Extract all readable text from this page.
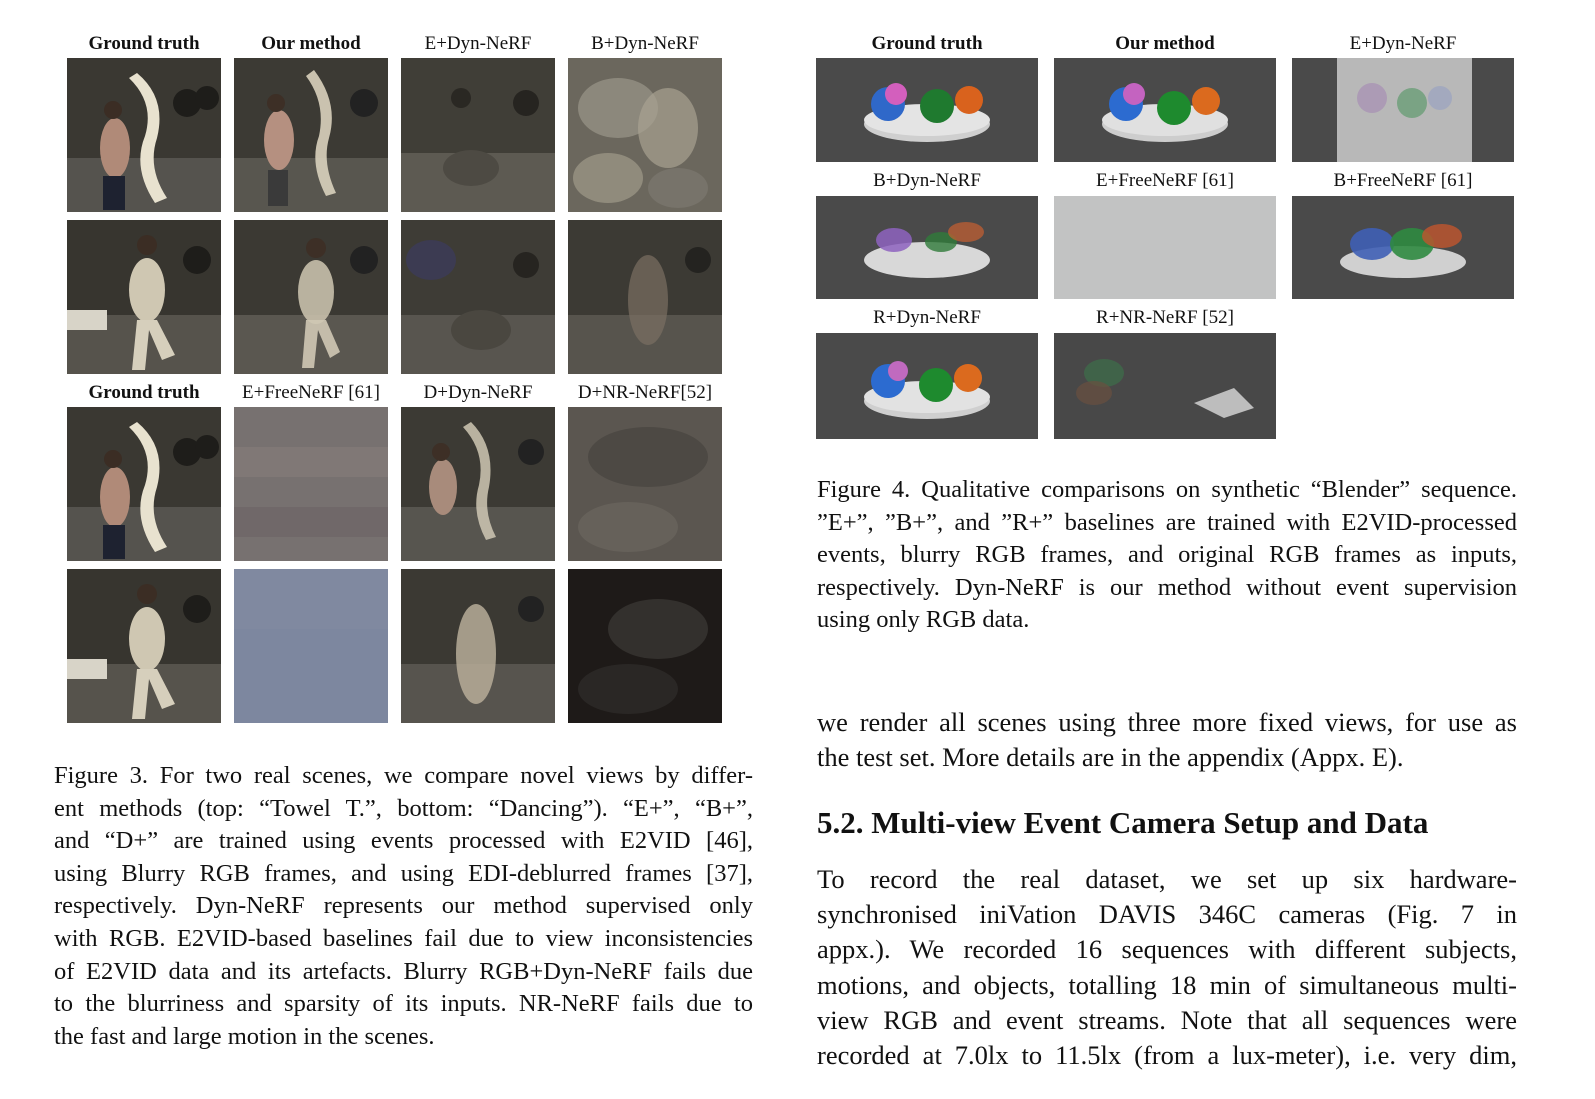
Ground truth	Our method	E+Dyn-NeRF	B+Dyn-NeRF
Ground truth	E+FreeNeRF [61]	D+Dyn-NeRF	D+NR-NeRF[52]
Figure 3. For two real scenes, we compare novel views by differ-
ent methods (top: “Towel T.”, bottom: “Dancing”). “E+”, “B+”,
and “D+” are trained using events processed with E2VID [46],
using Blurry RGB frames, and using EDI-deblurred frames [37],
respectively. Dyn-NeRF represents our method supervised only
with RGB. E2VID-based baselines fail due to view inconsistencies
of E2VID data and its artefacts. Blurry RGB+Dyn-NeRF fails due
to the blurriness and sparsity of its inputs. NR-NeRF fails due to
the fast and large motion in the scenes.
Ground truth	Our method	E+Dyn-NeRF
B+Dyn-NeRF	E+FreeNeRF [61]	B+FreeNeRF [61]
R+Dyn-NeRF	R+NR-NeRF [52]
Figure 4. Qualitative comparisons on synthetic “Blender” sequence.
”E+”, ”B+”, and ”R+” baselines are trained with E2VID-processed
events, blurry RGB frames, and original RGB frames as inputs,
respectively. Dyn-NeRF is our method without event supervision
using only RGB data.
we render all scenes using three more fixed views, for use as
the test set. More details are in the appendix (Appx. E).
5.2. Multi-view Event Camera Setup and Data
To record the real dataset, we set up six hardware-
synchronised iniVation DAVIS 346C cameras (Fig. 7 in
appx.). We recorded 16 sequences with different subjects,
motions, and objects, totalling 18 min of simultaneous multi-
view RGB and event streams. Note that all sequences were
recorded at 7.0lx to 11.5lx (from a lux-meter), i.e. very dim,
